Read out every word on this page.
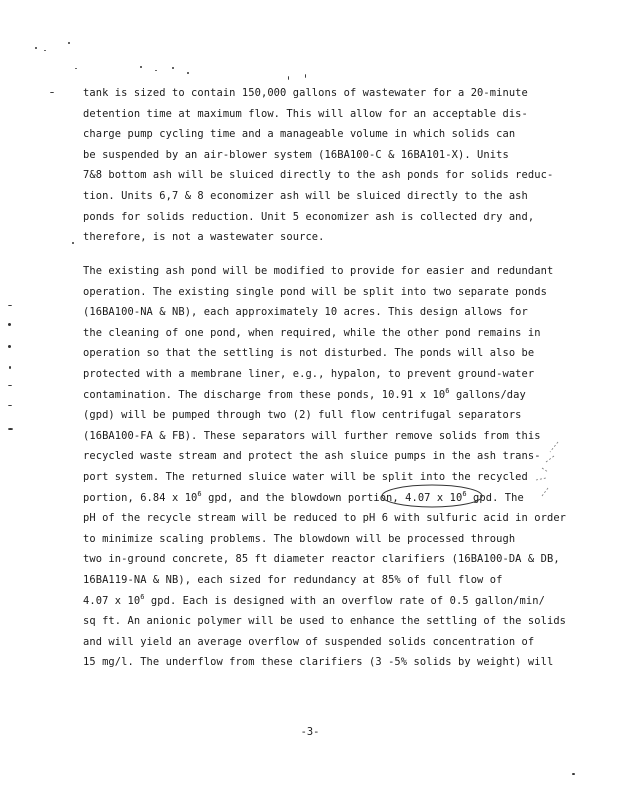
tank is sized to contain 150,000 gallons of wastewater for a 20-minute
detention time at maximum flow. This will allow for an acceptable dis-
charge pump cycling time and a manageable volume in which solids can
be suspended by an air-blower system (16BA100-C & 16BA101-X). Units
7&8 bottom ash will be sluiced directly to the ash ponds for solids reduc-
tion. Units 6,7 & 8 economizer ash will be sluiced directly to the ash
ponds for solids reduction. Unit 5 economizer ash is collected dry and,
therefore, is not a wastewater source.
The existing ash pond will be modified to provide for easier and redundant
operation. The existing single pond will be split into two separate ponds
(16BA100-NA & NB), each approximately 10 acres. This design allows for
the cleaning of one pond, when required, while the other pond remains in
operation so that the settling is not disturbed. The ponds will also be
protected with a membrane liner, e.g., hypalon, to prevent ground-water
contamination. The discharge from these ponds, 10.91 x $10^6$ gallons/day
(gpd) will be pumped through two (2) full flow centrifugal separators
(16BA100-FA & FB). These separators will further remove solids from this
recycled waste stream and protect the ash sluice pumps in the ash trans-
port system. The returned sluice water will be split into the recycled
portion, 6.84 x $10^6$ gpd, and the blowdown portion, 4.07 x $10^6$ gpd. The
pH of the recycle stream will be reduced to pH 6 with sulfuric acid in order
to minimize scaling problems. The blowdown will be processed through
two in-ground concrete, 85 ft diameter reactor clarifiers (16BA100-DA & DB,
16BA119-NA & NB), each sized for redundancy at 85% of full flow of
4.07 x $10^6$ gpd. Each is designed with an overflow rate of 0.5 gallon/min/
sq ft. An anionic polymer will be used to enhance the settling of the solids
and will yield an average overflow of suspended solids concentration of
15 mg/l. The underflow from these clarifiers (3 -5% solids by weight) will
-3-
